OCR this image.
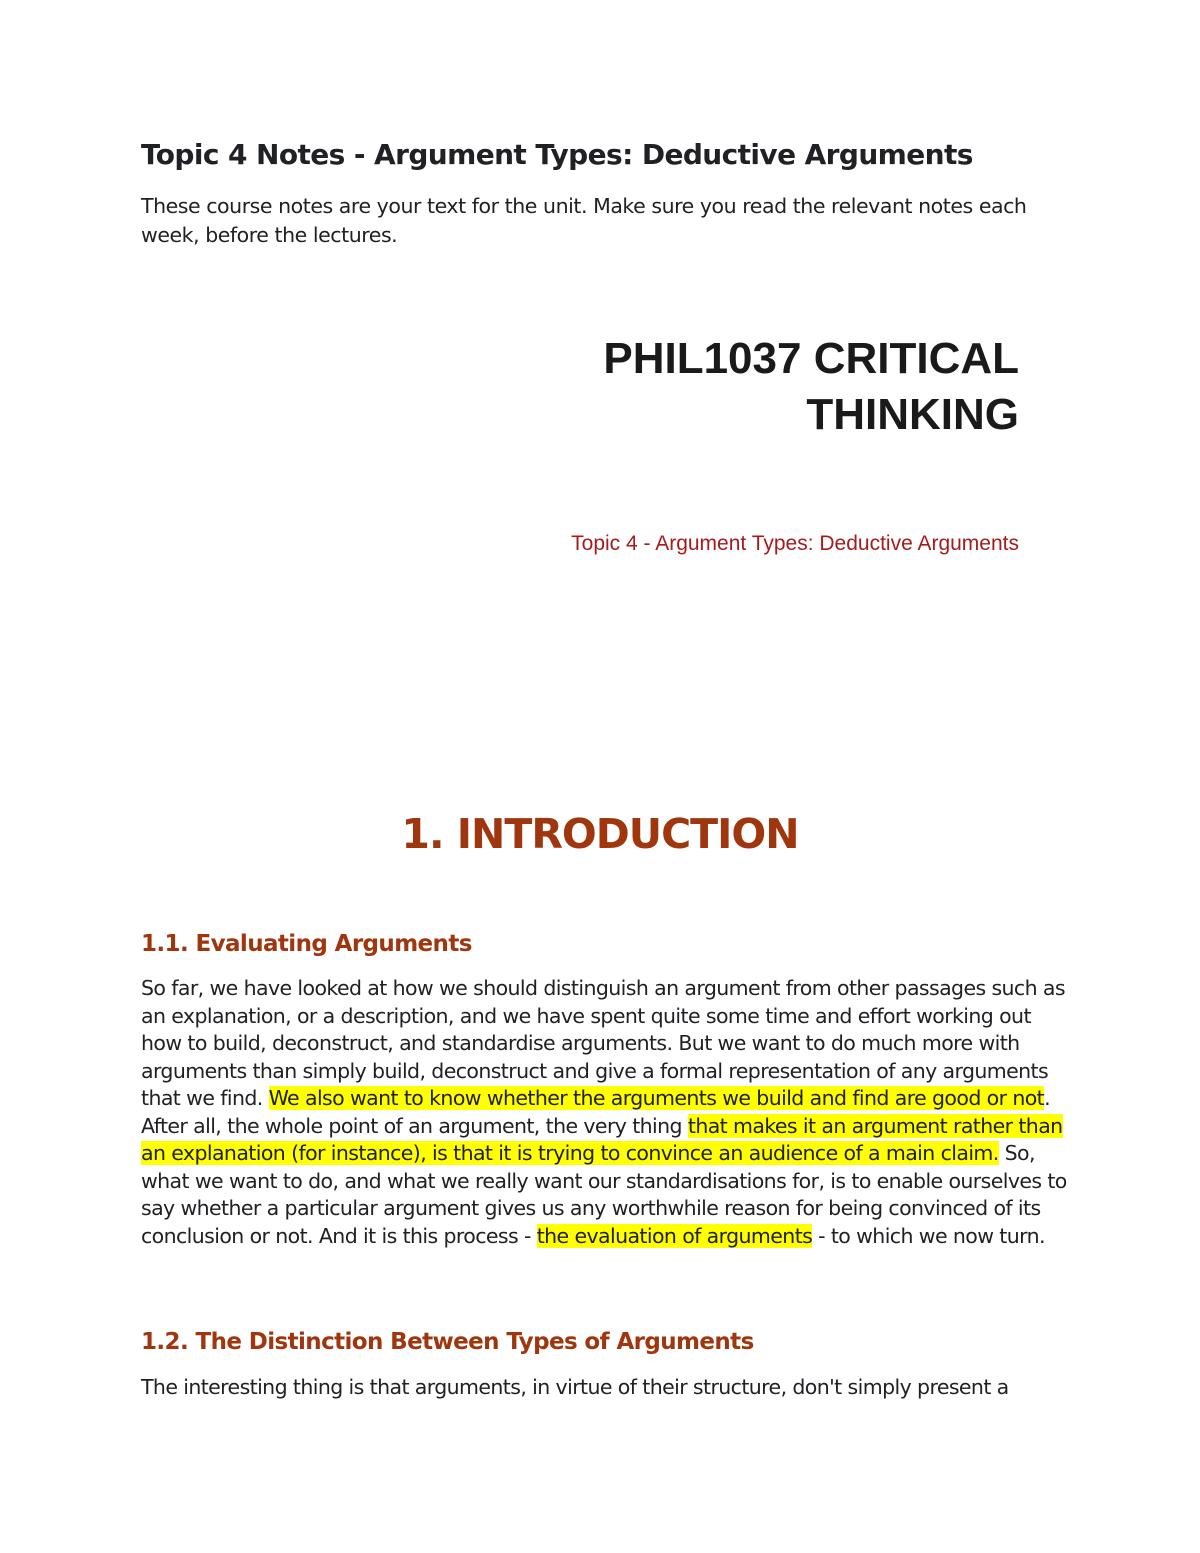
Topic 4 Notes - Argument Types: Deductive Arguments

These course notes are your text for the unit. Make sure you read the relevant notes each week, before the lectures.

PHIL1037 CRITICAL
THINKING
Topic 4 - Argument Types: Deductive Arguments
1. INTRODUCTION
1.1. Evaluating Arguments

So far, we have looked at how we should distinguish an argument from other passages such as an explanation, or a description, and we have spent quite some time and effort working out how to build, deconstruct, and standardise arguments. But we want to do much more with arguments than simply build, deconstruct and give a formal representation of any arguments that we find. We also want to know whether the arguments we build and find are good or not. After all, the whole point of an argument, the very thing that makes it an argument rather than an explanation (for instance), is that it is trying to convince an audience of a main claim. So, what we want to do, and what we really want our standardisations for, is to enable ourselves to say whether a particular argument gives us any worthwhile reason for being convinced of its conclusion or not. And it is this process - the evaluation of arguments - to which we now turn.

1.2. The Distinction Between Types of Arguments

The interesting thing is that arguments, in virtue of their structure, don't simply present a
